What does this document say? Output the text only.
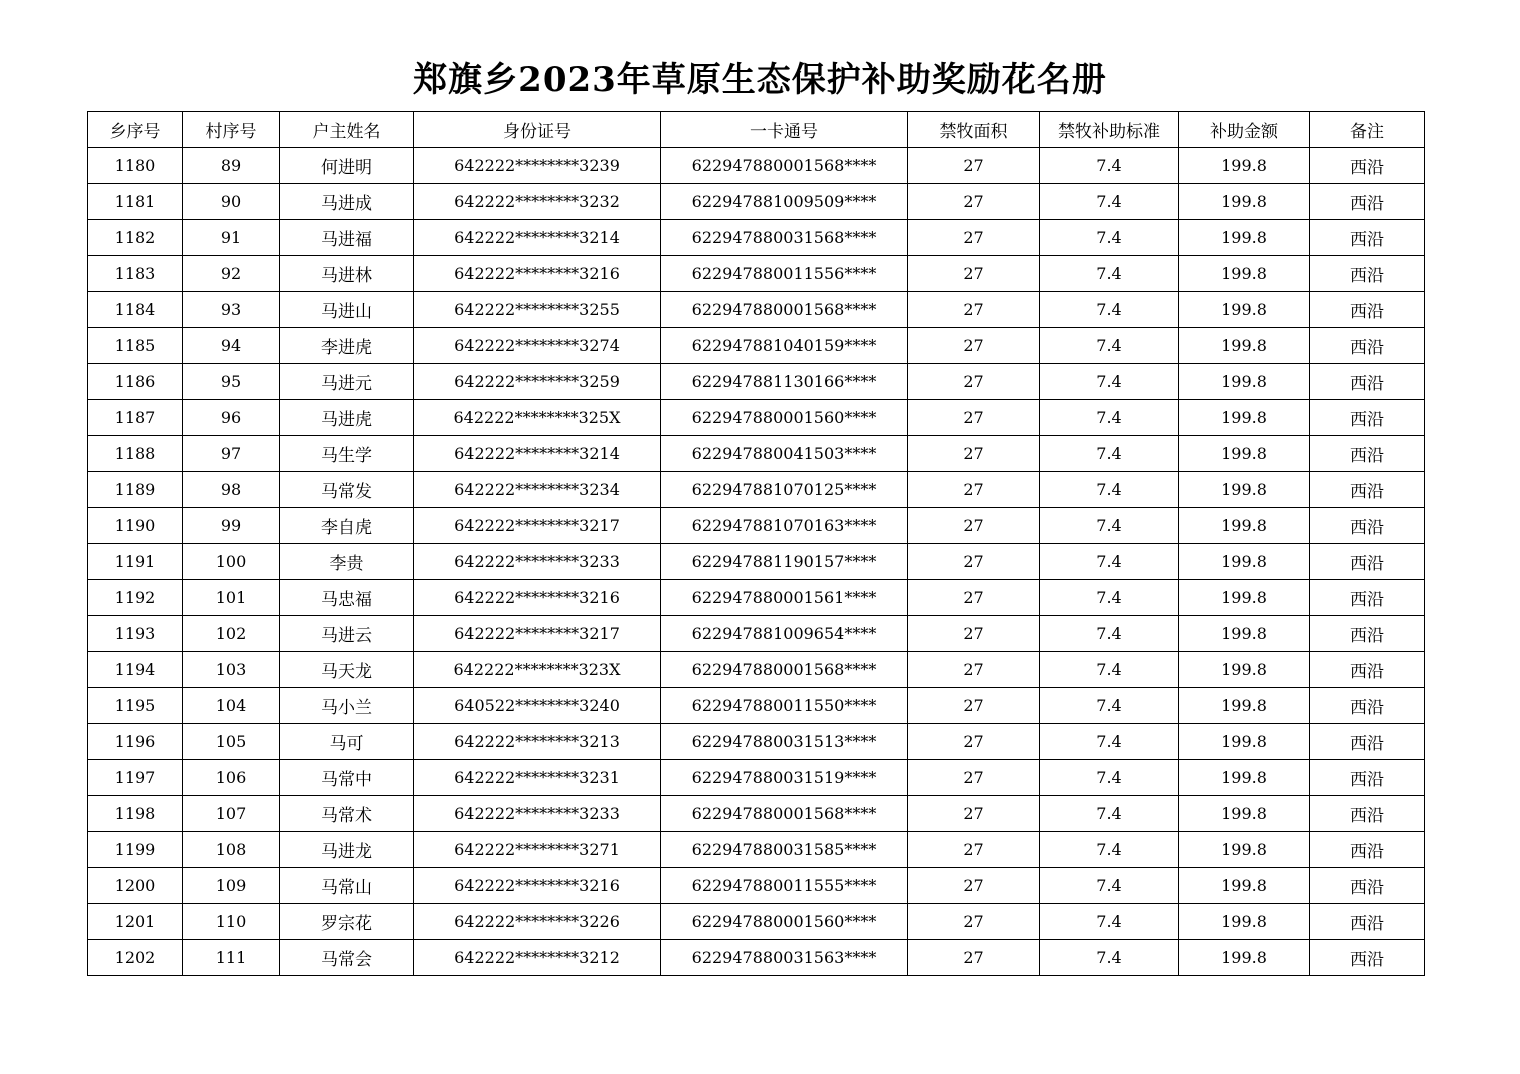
郑旗乡2023年草原生态保护补助奖励花名册
乡序号	村序号	户主姓名	身份证号	一卡通号	禁牧面积	禁牧补助标准	补助金额	备注
1180	89	何进明	642222********3239	622947880001568****	27	7.4	199.8	西沿
1181	90	马进成	642222********3232	622947881009509****	27	7.4	199.8	西沿
1182	91	马进福	642222********3214	622947880031568****	27	7.4	199.8	西沿
1183	92	马进林	642222********3216	622947880011556****	27	7.4	199.8	西沿
1184	93	马进山	642222********3255	622947880001568****	27	7.4	199.8	西沿
1185	94	李进虎	642222********3274	622947881040159****	27	7.4	199.8	西沿
1186	95	马进元	642222********3259	622947881130166****	27	7.4	199.8	西沿
1187	96	马进虎	642222********325X	622947880001560****	27	7.4	199.8	西沿
1188	97	马生学	642222********3214	622947880041503****	27	7.4	199.8	西沿
1189	98	马常发	642222********3234	622947881070125****	27	7.4	199.8	西沿
1190	99	李自虎	642222********3217	622947881070163****	27	7.4	199.8	西沿
1191	100	李贵	642222********3233	622947881190157****	27	7.4	199.8	西沿
1192	101	马忠福	642222********3216	622947880001561****	27	7.4	199.8	西沿
1193	102	马进云	642222********3217	622947881009654****	27	7.4	199.8	西沿
1194	103	马天龙	642222********323X	622947880001568****	27	7.4	199.8	西沿
1195	104	马小兰	640522********3240	622947880011550****	27	7.4	199.8	西沿
1196	105	马可	642222********3213	622947880031513****	27	7.4	199.8	西沿
1197	106	马常中	642222********3231	622947880031519****	27	7.4	199.8	西沿
1198	107	马常术	642222********3233	622947880001568****	27	7.4	199.8	西沿
1199	108	马进龙	642222********3271	622947880031585****	27	7.4	199.8	西沿
1200	109	马常山	642222********3216	622947880011555****	27	7.4	199.8	西沿
1201	110	罗宗花	642222********3226	622947880001560****	27	7.4	199.8	西沿
1202	111	马常会	642222********3212	622947880031563****	27	7.4	199.8	西沿
